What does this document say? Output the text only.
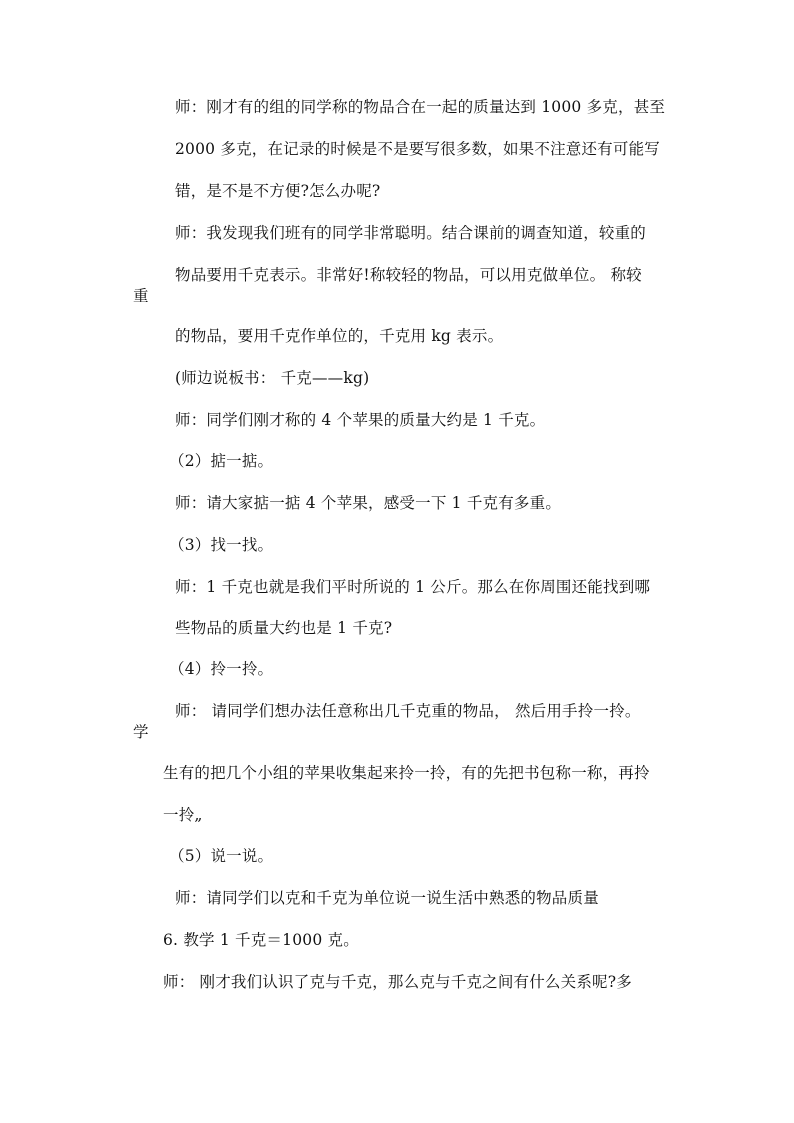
师：刚才有的组的同学称的物品合在一起的质量达到 1000 多克，甚至
2000 多克，在记录的时候是不是要写很多数，如果不注意还有可能写
错，是不是不方便?怎么办呢?
师：我发现我们班有的同学非常聪明。结合课前的调查知道，较重的
物品要用千克表示。非常好!称较轻的物品，可以用克做单位。 称较
重
的物品，要用千克作单位的，千克用 kg 表示。
(师边说板书： 千克——kg)
师：同学们刚才称的 4 个苹果的质量大约是 1 千克。
（2）掂一掂。
师：请大家掂一掂 4 个苹果，感受一下 1 千克有多重。
（3）找一找。
师：1 千克也就是我们平时所说的 1 公斤。那么在你周围还能找到哪
些物品的质量大约也是 1 千克?
（4）拎一拎。
师： 请同学们想办法任意称出几千克重的物品， 然后用手拎一拎。
学
生有的把几个小组的苹果收集起来拎一拎，有的先把书包称一称，再拎
一拎„
（5）说一说。
师：请同学们以克和千克为单位说一说生活中熟悉的物品质量
6. 教学 1 千克＝1000 克。
师： 刚才我们认识了克与千克，那么克与千克之间有什么关系呢?多
